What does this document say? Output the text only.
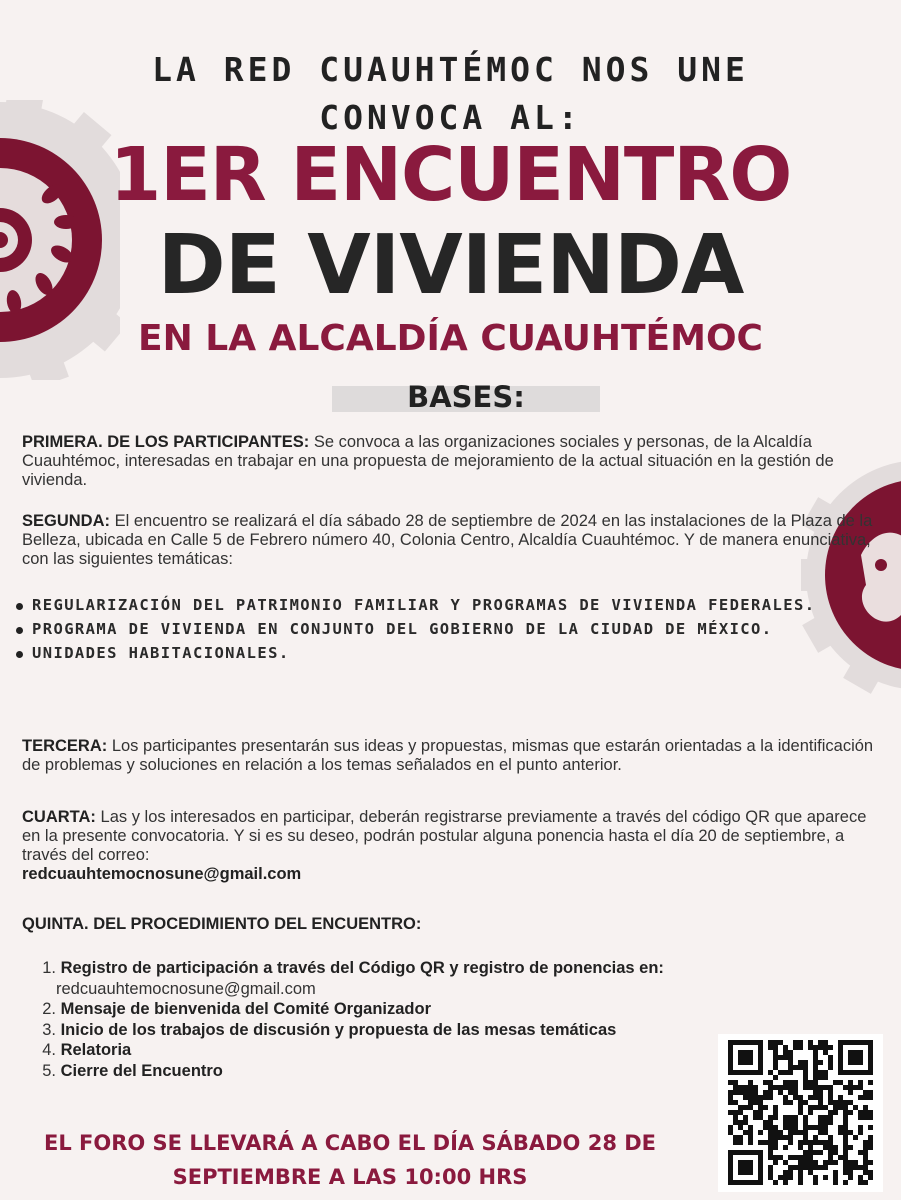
LA RED CUAUHTÉMOC NOS UNE
CONVOCA AL:
1ER ENCUENTRO
DE VIVIENDA
EN LA ALCALDÍA CUAUHTÉMOC
BASES:
PRIMERA. DE LOS PARTICIPANTES: Se convoca a las organizaciones sociales y personas, de la Alcaldía Cuauhtémoc, interesadas en trabajar en una propuesta de mejoramiento de la actual situación en la gestión de vivienda.
SEGUNDA: El encuentro se realizará el día sábado 28 de septiembre de 2024 en las instalaciones de la Plaza de la Belleza, ubicada en Calle 5 de Febrero número 40, Colonia Centro, Alcaldía Cuauhtémoc. Y de manera enunciativa, con las siguientes temáticas:
REGULARIZACIÓN DEL PATRIMONIO FAMILIAR Y PROGRAMAS DE VIVIENDA FEDERALES.
PROGRAMA DE VIVIENDA EN CONJUNTO DEL GOBIERNO DE LA CIUDAD DE MÉXICO.
UNIDADES HABITACIONALES.
TERCERA: Los participantes presentarán sus ideas y propuestas, mismas que estarán orientadas a la identificación de problemas y soluciones en relación a los temas señalados en el punto anterior.
CUARTA: Las y los interesados en participar, deberán registrarse previamente a través del código QR que aparece en la presente convocatoria. Y si es su deseo, podrán postular alguna ponencia hasta el día 20 de septiembre, a través del correo:
redcuauhtemocnosune@gmail.com
QUINTA. DEL PROCEDIMIENTO DEL ENCUENTRO:
1. Registro de participación a través del Código QR y registro de ponencias en:
redcuauhtemocnosune@gmail.com
2. Mensaje de bienvenida del Comité Organizador
3. Inicio de los trabajos de discusión y propuesta de las mesas temáticas
4. Relatoria
5. Cierre del Encuentro
EL FORO SE LLEVARÁ A CABO EL DÍA SÁBADO 28 DE
SEPTIEMBRE A LAS 10:00 HRS
